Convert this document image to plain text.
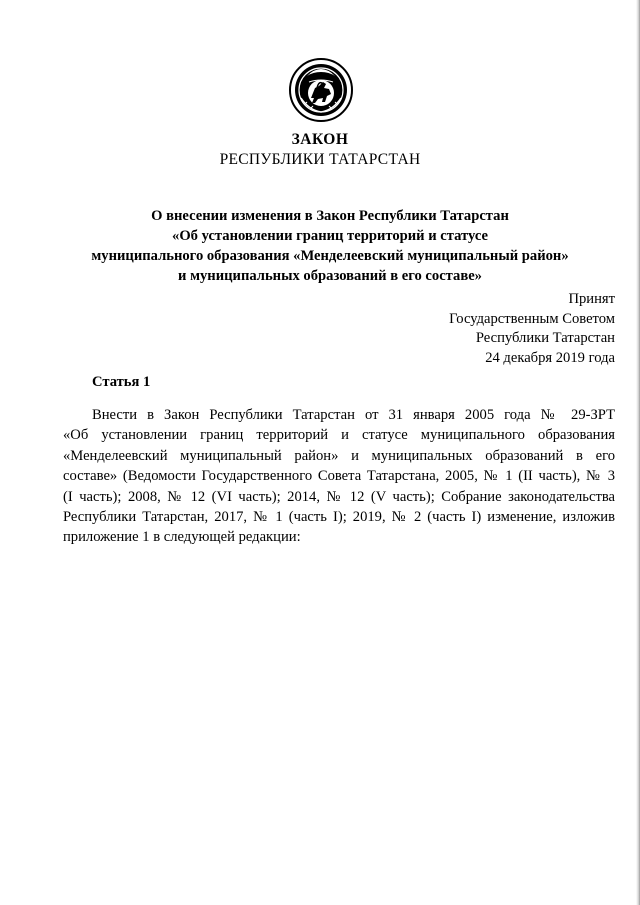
ЗАКОН
РЕСПУБЛИКИ ТАТАРСТАН
О внесении изменения в Закон Республики Татарстан
«Об установлении границ территорий и статусе
муниципального образования «Менделеевский муниципальный район»
и муниципальных образований в его составе»
Принят
Государственным Советом
Республики Татарстан
24 декабря 2019 года
Статья 1
Внести в Закон Республики Татарстан от 31 января 2005 года № 29-ЗРТ
«Об установлении границ территорий и статусе муниципального образования
«Менделеевский муниципальный район» и муниципальных образований в его
составе» (Ведомости Государственного Совета Татарстана, 2005, № 1 (II часть), № 3
(I часть); 2008, № 12 (VI часть); 2014, № 12 (V часть); Собрание законодательства
Республики Татарстан, 2017, № 1 (часть I); 2019, № 2 (часть I) изменение, изложив
приложение 1 в следующей редакции:
